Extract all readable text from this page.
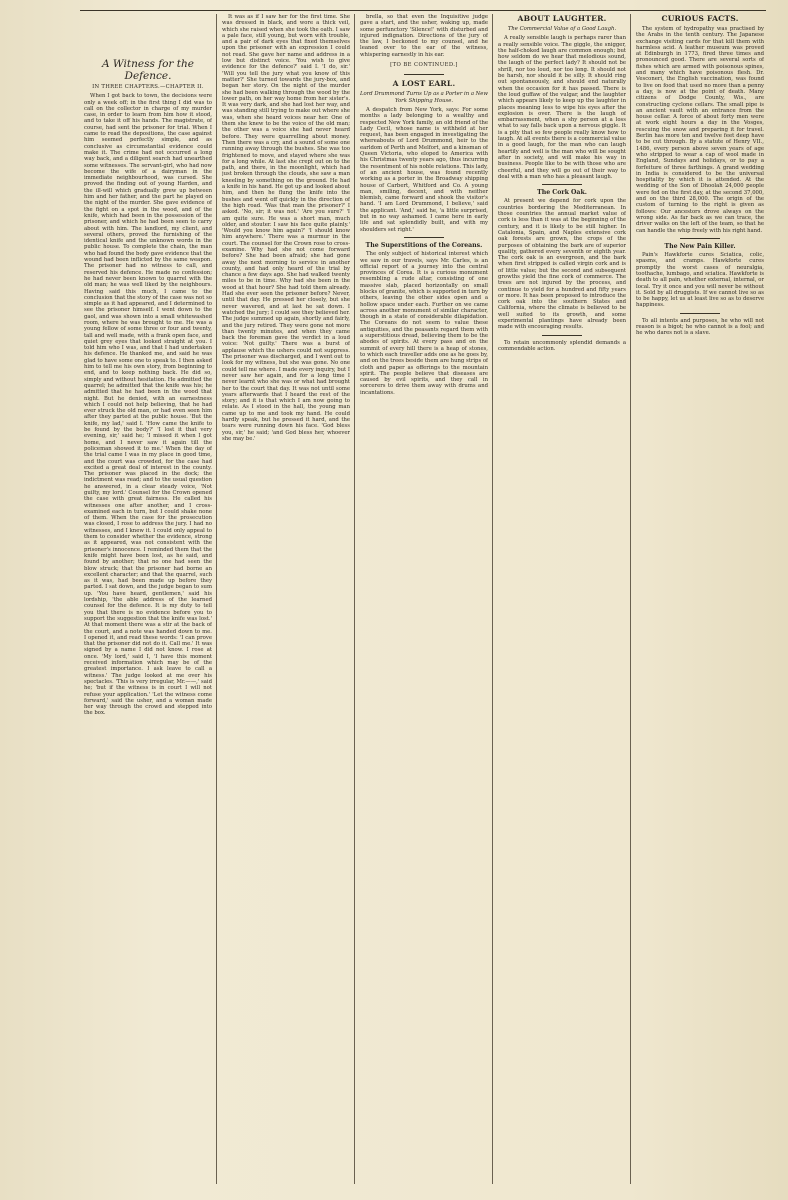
A Witness for the Defence.
IN THREE CHAPTERS.—CHAPTER II.

When I got back to town, the decisions were only a week off; in the first thing I did was to call on the collector in charge of my murder case, in order to learn from him how it stood, and to take it off his hands. The magistrate, of course, had sent the prisoner for trial. When I came to read the depositions, the case against him seemed perfectly simple, and as conclusive as circumstantial evidence could make it. The crime had not occurred a long way back, and a diligent search had unearthed some witnesses. The servant-girl, who had now become the wife of a dairyman in the immediate neighbourhood, was cursed. She proved the finding out of young Harden, and the ill-will which gradually grew up between him and her father, and the part he played on the night of the murder. She gave evidence of the fight on a spot in the wood, and of the knife, which had been in the possession of the prisoner, and which he had been seen to carry about with him. The landlord, my client, and several others, proved the furnishing of the identical knife and the unknown words in the public house. To complete the chain, the man who had found the body gave evidence that the wound had been inflicted by the same weapon. The prisoner had no witness to call, and reserved his defence. He made no confession; he had never been known to quarrel with the old man; he was well liked by the neighbours. Having said this much, I came to the conclusion that the story of the case was not so simple as it had appeared, and I determined to see the prisoner himself. I went down to the gaol, and was shown into a small whitewashed room, where he was brought to me. He was a young fellow of some three or four and twenty, tall and well made, with a frank open face, and quiet grey eyes that looked straight at you. I told him who I was, and that I had undertaken his defence. He thanked me, and said he was glad to have some one to speak to. I then asked him to tell me his own story, from beginning to end, and to keep nothing back. He did so, simply and without hesitation. He admitted the quarrel; he admitted that the knife was his; he admitted that he had been in the wood that night. But he denied, with an earnestness which I could not help believing, that he had ever struck the old man, or had even seen him after they parted at the public house. 'But the knife, my lad,' said I. 'How came the knife to be found by the body?' 'I lost it that very evening, sir,' said he; 'I missed it when I got home, and I never saw it again till the policeman showed it to me.' When the day of the trial came I was in my place in good time, and the court was crowded, for the case had excited a great deal of interest in the county. The prisoner was placed in the dock; the indictment was read; and to the usual question he answered, in a clear steady voice, 'Not guilty, my lord.' Counsel for the Crown opened the case with great fairness. He called his witnesses one after another, and I cross-examined each in turn, but I could shake none of them. When the case for the prosecution was closed, I rose to address the jury. I had no witnesses, and I knew it. I could only appeal to them to consider whether the evidence, strong as it appeared, was not consistent with the prisoner's innocence. I reminded them that the knife might have been lost, as he said, and found by another; that no one had seen the blow struck; that the prisoner had borne an excellent character; and that the quarrel, such as it was, had been made up before they parted. I sat down, and the judge began to sum up. 'You have heard, gentlemen,' said his lordship, 'the able address of the learned counsel for the defence. It is my duty to tell you that there is no evidence before you to support the suggestion that the knife was lost.' At that moment there was a stir at the back of the court, and a note was handed down to me. I opened it, and read these words: 'I can prove that the prisoner did not do it. Call me.' It was signed by a name I did not know. I rose at once. 'My lord,' said I, 'I have this moment received information which may be of the greatest importance. I ask leave to call a witness.' The judge looked at me over his spectacles. 'This is very irregular, Mr.——,' said he; 'but if the witness is in court I will not refuse your application.' 'Let the witness come forward,' said the usher, and a woman made her way through the crowd and stepped into the box.

It was as if I saw her for the first time. She was dressed in black, and wore a thick veil, which she raised when she took the oath. I saw a pale face, still young, but worn with trouble, and a pair of dark eyes that fixed themselves upon the prisoner with an expression I could not read. She gave her name and address in a low but distinct voice. 'You wish to give evidence for the defence?' said I. 'I do, sir.' 'Will you tell the jury what you know of this matter?' She turned towards the jury-box, and began her story. On the night of the murder she had been walking through the wood by the lower path, on her way home from her sister's. It was very dark, and she had lost her way, and was standing still trying to make out where she was, when she heard voices near her. One of them she knew to be the voice of the old man; the other was a voice she had never heard before. They were quarrelling about money. Then there was a cry, and a sound of some one running away through the bushes. She was too frightened to move, and stayed where she was for a long while. At last she crept out on to the path, and there, in the moonlight, which had just broken through the clouds, she saw a man kneeling by something on the ground. He had a knife in his hand. He got up and looked about him, and then he flung the knife into the bushes and went off quickly in the direction of the high road. 'Was that man the prisoner?' I asked. 'No, sir; it was not.' 'Are you sure?' 'I am quite sure. He was a short man, much older, and stouter. I saw his face quite plainly.' 'Would you know him again?' 'I should know him anywhere.' There was a murmur in the court. The counsel for the Crown rose to cross-examine. Why had she not come forward before? She had been afraid; she had gone away the next morning to service in another county, and had only heard of the trial by chance a few days ago. She had walked twenty miles to be in time. Why had she been in the wood at that hour? She had told them already. Had she ever seen the prisoner before? Never, until that day. He pressed her closely, but she never wavered, and at last he sat down. I watched the jury; I could see they believed her. The judge summed up again, shortly and fairly, and the jury retired. They were gone not more than twenty minutes, and when they came back the foreman gave the verdict in a loud voice: 'Not guilty.' There was a burst of applause which the ushers could not suppress. The prisoner was discharged, and I went out to look for my witness, but she was gone. No one could tell me where. I made every inquiry, but I never saw her again, and for a long time I never learnt who she was or what had brought her to the court that day. It was not until some years afterwards that I heard the rest of the story; and it is that which I am now going to relate. As I stood in the hall, the young man came up to me and took my hand. He could hardly speak, but he pressed it hard, and the tears were running down his face. 'God bless you, sir,' he said; 'and God bless her, whoever she may be.'

brella, so that even the Inquisitive judge gave a start, and the usher, waking up, made some perfunctory 'Silence!' with disturbed and injured indignation. Directions of the jury of the law, I beckoned to my counsel, and he leaned over to the ear of the witness, whispering earnestly in his ear.

[TO BE CONTINUED.]
A LOST EARL.
Lord Drummond Turns Up as a Porter in a New York Shipping House.

A despatch from New York, says: For some months a lady belonging to a wealthy and respected New York family, an old friend of the Lady Cecil, whose name is withheld at her request, has been engaged in investigating the whereabouts of Lord Drummond, heir to the earldom of Perth and Melfort, and a kinsman of Queen Victoria, who eloped to America with his Christmas twenty years ago, thus incurring the resentment of his noble relations. This lady, of an ancient house, was found recently working as a porter in the Broadway shipping house of Carbert, Whitford and Co. A young man, smiling, decent, and with neither blemish, came forward and shook the visitor's hand. 'I am Lord Drummond, I believe,' said the applicant. 'And,' said he, 'a little surprised, but in no way ashamed. I came here in early life and sat splendidly built, and with my shoulders set right.'

The Superstitions of the Coreans.

The only subject of historical interest which we saw in our travels, says Mr. Carles, is an official report of a journey into the central provinces of Corea. It is a curious monument resembling a rude altar, consisting of one massive slab, placed horizontally on small blocks of granite, which is supported in turn by others, leaving the other sides open and a hollow space under each. Further on we came across another monument of similar character, though in a state of considerable dilapidation. The Coreans do not seem to value these antiquities, and the peasants regard them with a superstitious dread, believing them to be the abodes of spirits. At every pass and on the summit of every hill there is a heap of stones, to which each traveller adds one as he goes by, and on the trees beside them are hung strips of cloth and paper as offerings to the mountain spirit. The people believe that diseases are caused by evil spirits, and they call in sorcerers to drive them away with drums and incantations.

ABOUT LAUGHTER.
The Commercial Value of a Good Laugh.

A really sensible laugh is perhaps rarer than a really sensible voice. The giggle, the snigger, the half-choked laugh are common enough; but how seldom do we hear that melodious sound, the laugh of the perfect lady? It should not be shrill, nor too loud, nor too long. It should not be harsh, nor should it be silly. It should ring out spontaneously, and should end naturally when the occasion for it has passed. There is the loud guffaw of the vulgar, and the laughter which appears likely to keep up the laughter in places meaning less to wipe his eyes after the explosion is over. There is the laugh of embarrassment, when a shy person at a loss what to say falls back upon a nervous giggle. It is a pity that so few people really know how to laugh. At all events there is a commercial value in a good laugh, for the man who can laugh heartily and well is the man who will be sought after in society, and will make his way in business. People like to be with those who are cheerful, and they will go out of their way to deal with a man who has a pleasant laugh.

The Cork Oak.

At present we depend for cork upon the countries bordering the Mediterranean. In those countries the annual market value of cork is less than it was at the beginning of the century, and it is likely to be still higher. In Catalonia, Spain, and Naples extensive cork oak forests are grown, the crops of the purposes of obtaining the bark are of superior quality, gathered every seventh or eighth year. The cork oak is an evergreen, and the bark when first stripped is called virgin cork and is of little value; but the second and subsequent growths yield the fine cork of commerce. The trees are not injured by the process, and continue to yield for a hundred and fifty years or more. It has been proposed to introduce the cork oak into the southern States and California, where the climate is believed to be well suited to its growth, and some experimental plantings have already been made with encouraging results.

To retain uncommonly splendid demands a commendable action.

CURIOUS FACTS.

The system of hydropathy was practised by the Arabs in the tenth century. The Japanese exchange visiting cards for that kill them with harmless acid. A leather museum was proved at Edinburgh in 1773, fired three times and pronounced good. There are several sorts of fishes which are armed with poisonous spines, and many which have poisonous flesh. Dr. Vesconeri, the English vaccination, was found to live on food that used no more than a penny a day, is now at the point of death. Many citizens of Dodge County, Wis., are constructing cyclone cellars. The small pipe is an ancient vault with an entrance from the house cellar. A force of about forty men were at work eight hours a day in the Vosges, rescuing the snow and preparing it for travel. Berlin has more ten and twelve feet deep have to be cut through. By a statute of Henry VII., 1486, every person above seven years of age who stripped to wear a cap of wool made in England, Sundays and holidays, or to pay a forfeiture of three farthings. A grand wedding in India is considered to be the universal hospitality by which it is attended. At the wedding of the Son of Dhoolah 24,000 people were fed on the first day, at the second 37,000, and on the third 28,000. The origin of the custom of turning to the right is given as follows: Our ancestors drove always on the wrong side. As far back as we can trace, the driver walks on the left of the team, so that he can handle the whip freely with his right hand.

The New Pain Killer.

Pain's Hawkforte cures Sciatica, colic, spasms, and cramps. Hawkforte cures promptly the worst cases of neuralgia, toothache, lumbago, and sciatica. Hawkforte is death to all pain, whether external, internal, or local. Try it once and you will never be without it. Sold by all druggists. If we cannot live so as to be happy, let us at least live so as to deserve happiness.

To all intents and purposes, he who will not reason is a bigot; he who cannot is a fool; and he who dares not is a slave.
